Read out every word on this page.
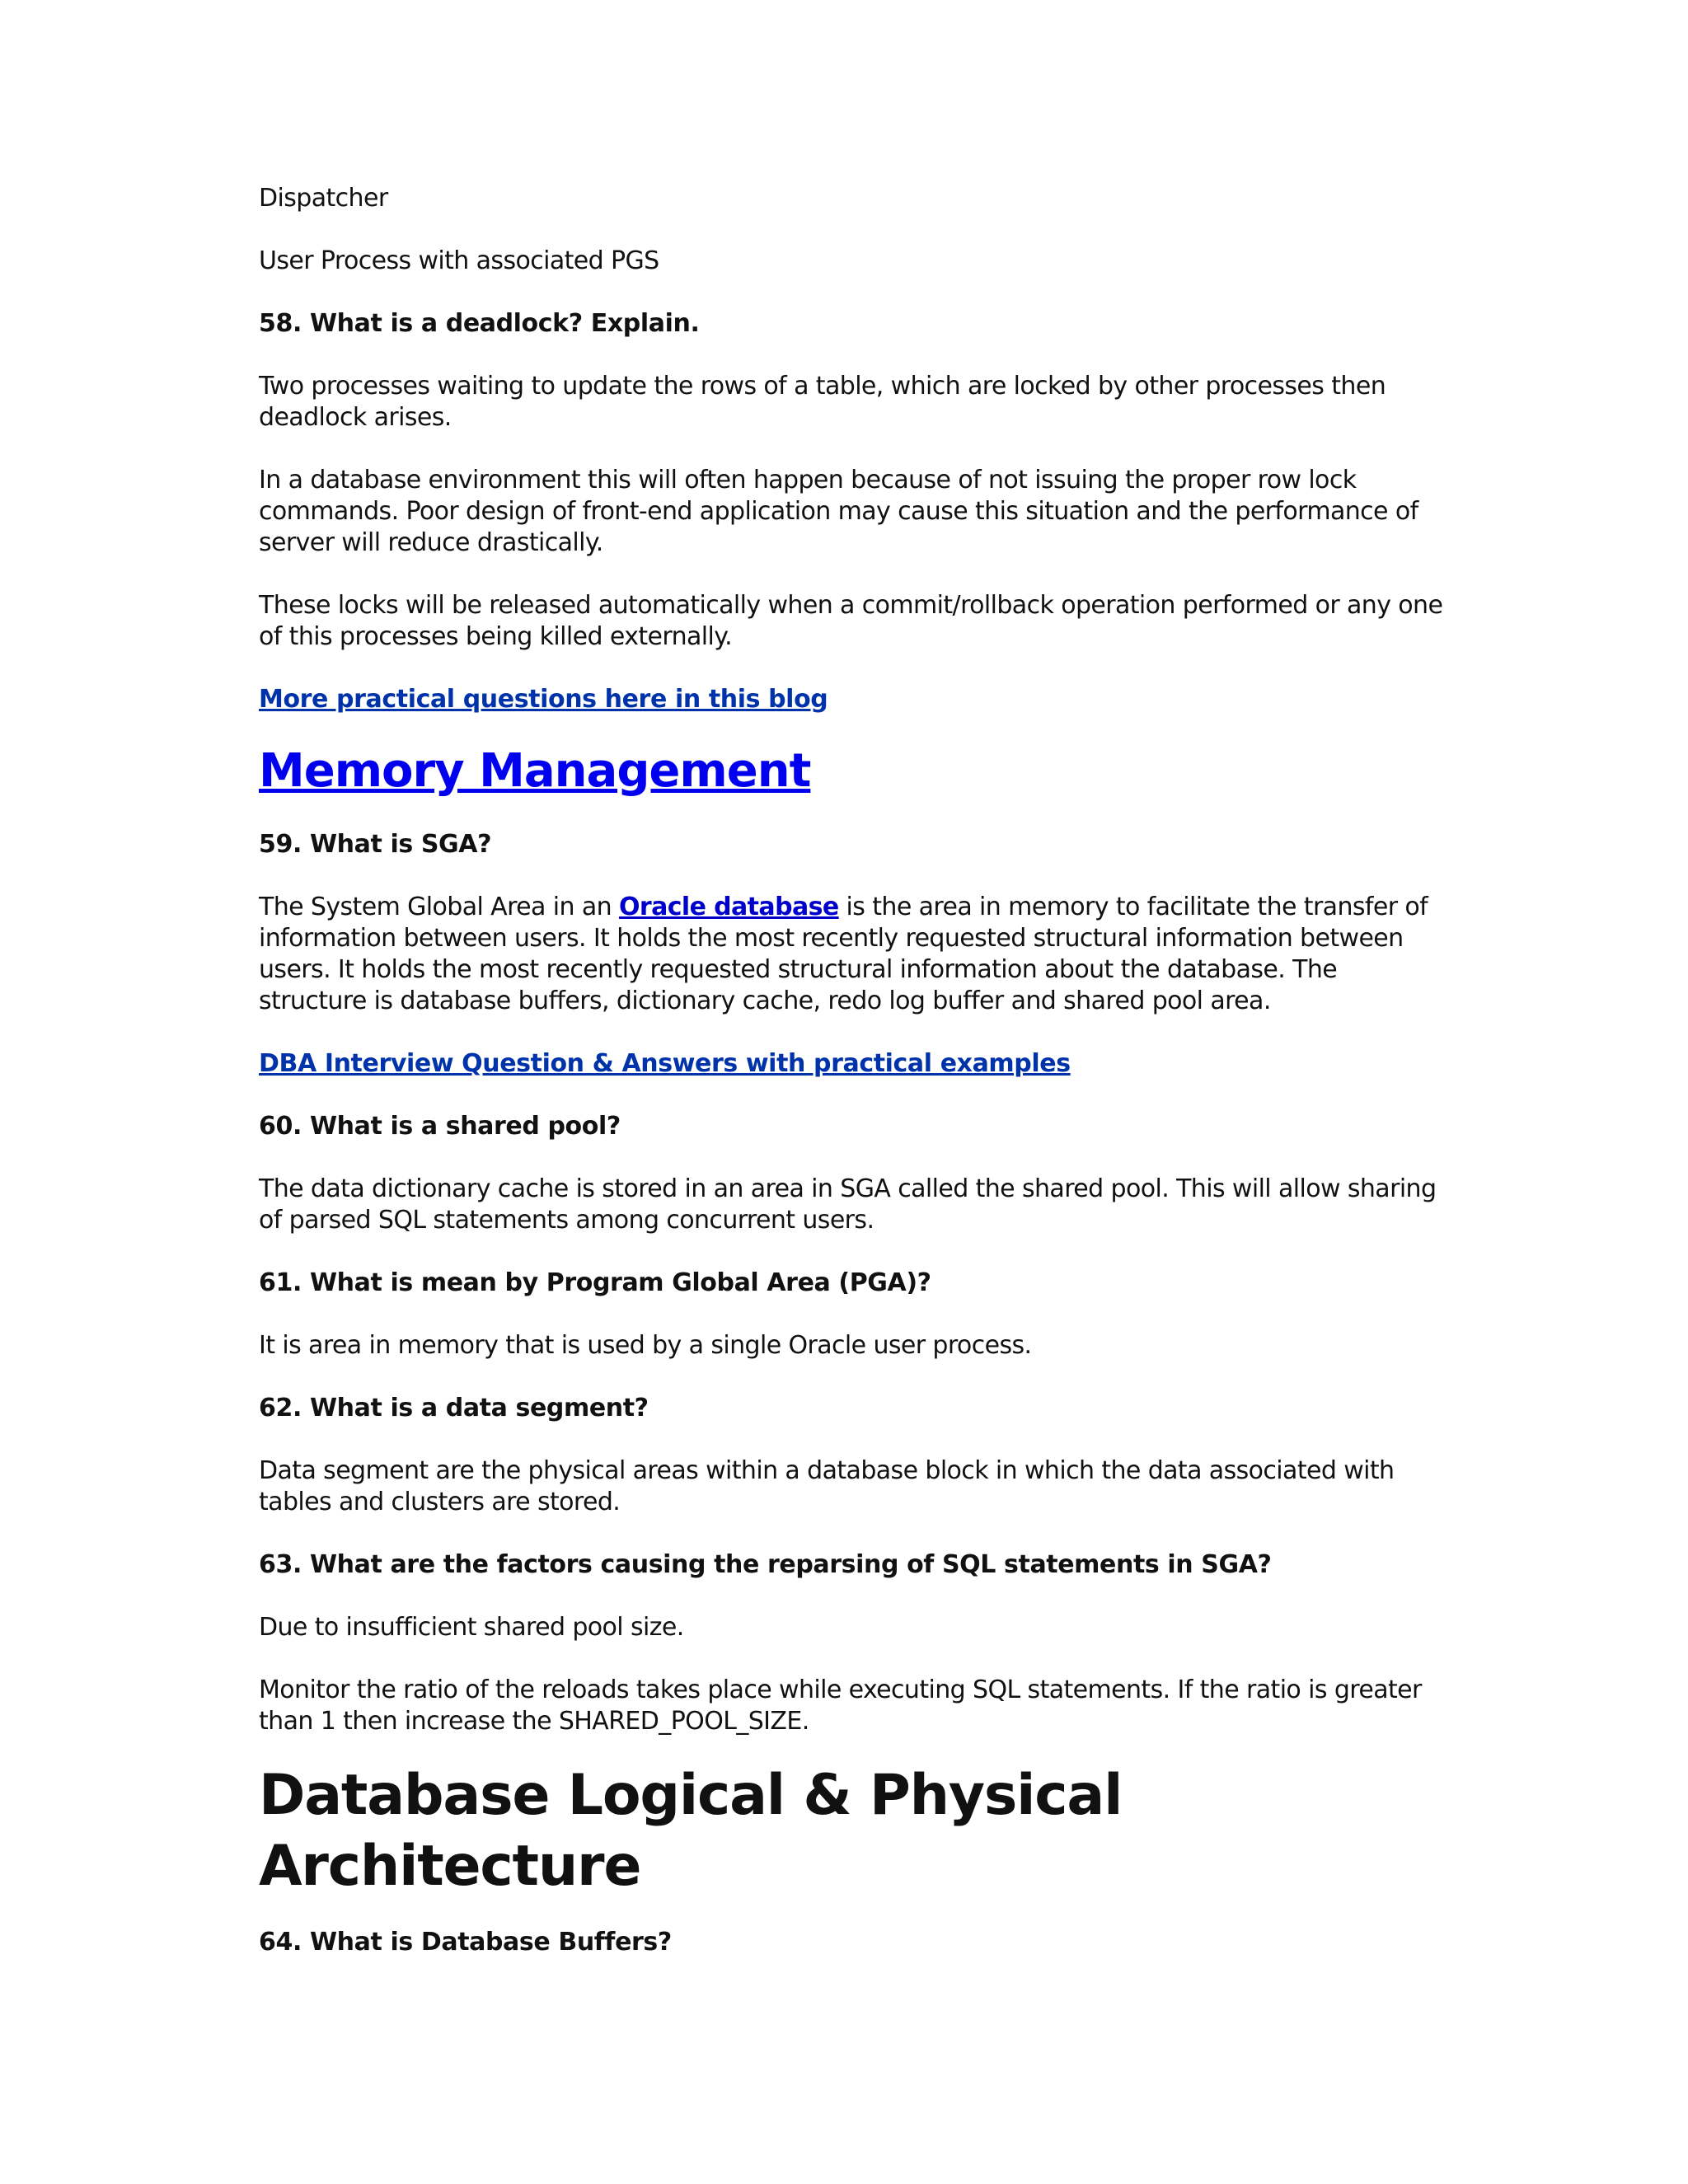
Dispatcher

User Process with associated PGS

58. What is a deadlock? Explain.

Two processes waiting to update the rows of a table, which are locked by other processes then deadlock arises.

In a database environment this will often happen because of not issuing the proper row lock commands. Poor design of front-end application may cause this situation and the performance of server will reduce drastically.

These locks will be released automatically when a commit/rollback operation performed or any one of this processes being killed externally.

More practical questions here in this blog
Memory Management
59. What is SGA?

The System Global Area in an Oracle database is the area in memory to facilitate the transfer of information between users. It holds the most recently requested structural information between users. It holds the most recently requested structural information about the database. The structure is database buffers, dictionary cache, redo log buffer and shared pool area.

DBA Interview Question & Answers with practical examples
60. What is a shared pool?

The data dictionary cache is stored in an area in SGA called the shared pool. This will allow sharing of parsed SQL statements among concurrent users.

61. What is mean by Program Global Area (PGA)?

It is area in memory that is used by a single Oracle user process.

62. What is a data segment?

Data segment are the physical areas within a database block in which the data associated with tables and clusters are stored.

63. What are the factors causing the reparsing of SQL statements in SGA?

Due to insufficient shared pool size.

Monitor the ratio of the reloads takes place while executing SQL statements. If the ratio is greater than 1 then increase the SHARED_POOL_SIZE.

Database Logical & Physical Architecture
64. What is Database Buffers?
